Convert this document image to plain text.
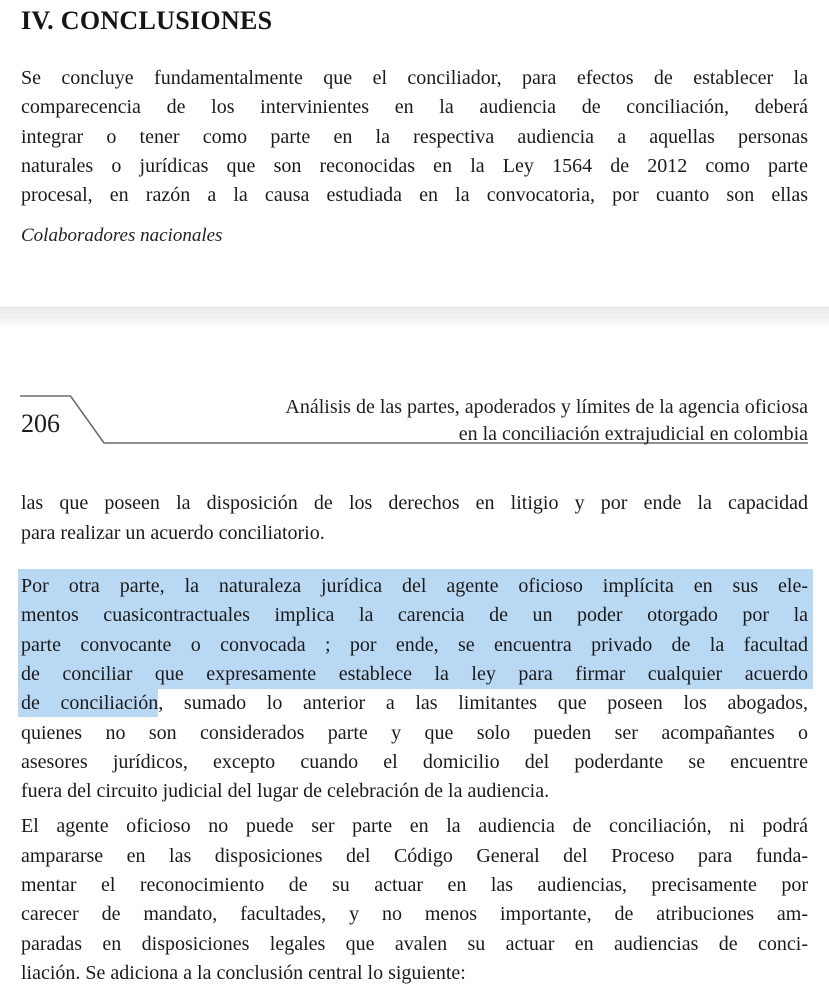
IV. CONCLUSIONES
Se concluye fundamentalmente que el conciliador, para efectos de establecer la
comparecencia de los intervinientes en la audiencia de conciliación, deberá
integrar o tener como parte en la respectiva audiencia a aquellas personas
naturales o jurídicas que son reconocidas en la Ley 1564 de 2012 como parte
procesal, en razón a la causa estudiada en la convocatoria, por cuanto son ellas
Colaboradores nacionales
206
Análisis de las partes, apoderados y límites de la agencia oficiosa
en la conciliación extrajudicial en colombia
las que poseen la disposición de los derechos en litigio y por ende la capacidad
para realizar un acuerdo conciliatorio.
Por otra parte, la naturaleza jurídica del agente oficioso implícita en sus ele-
mentos cuasicontractuales implica la carencia de un poder otorgado por la
parte convocante o convocada ; por ende, se encuentra privado de la facultad
de conciliar que expresamente establece la ley para firmar cualquier acuerdo
de conciliación, sumado lo anterior a las limitantes que poseen los abogados,
quienes no son considerados parte y que solo pueden ser acompañantes o
asesores jurídicos, excepto cuando el domicilio del poderdante se encuentre
fuera del circuito judicial del lugar de celebración de la audiencia.
El agente oficioso no puede ser parte en la audiencia de conciliación, ni podrá
ampararse en las disposiciones del Código General del Proceso para funda-
mentar el reconocimiento de su actuar en las audiencias, precisamente por
carecer de mandato, facultades, y no menos importante, de atribuciones am-
paradas en disposiciones legales que avalen su actuar en audiencias de conci-
liación. Se adiciona a la conclusión central lo siguiente:
